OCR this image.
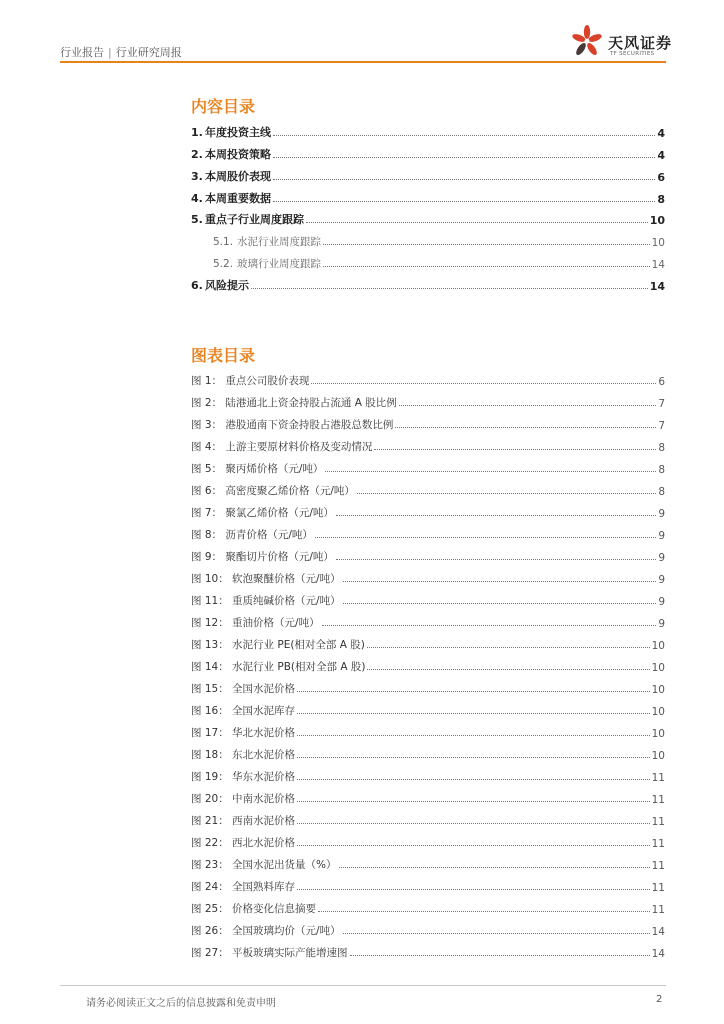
行业报告 | 行业研究周报
天风证券
TF SECURITIES
内容目录
1. 年度投资主线	4
2. 本周投资策略	4
3. 本周股价表现	6
4. 本周重要数据	8
5. 重点子行业周度跟踪	10
5.1. 水泥行业周度跟踪	10
5.2. 玻璃行业周度跟踪	14
6. 风险提示	14
图表目录
图 1： 重点公司股价表现	6
图 2： 陆港通北上资金持股占流通 A 股比例	7
图 3： 港股通南下资金持股占港股总数比例	7
图 4： 上游主要原材料价格及变动情况	8
图 5： 聚丙烯价格（元/吨）	8
图 6： 高密度聚乙烯价格（元/吨）	8
图 7： 聚氯乙烯价格（元/吨）	9
图 8： 沥青价格（元/吨）	9
图 9： 聚酯切片价格（元/吨）	9
图 10： 软泡聚醚价格（元/吨）	9
图 11： 重质纯碱价格（元/吨）	9
图 12： 重油价格（元/吨）	9
图 13： 水泥行业 PE(相对全部 A 股)	10
图 14： 水泥行业 PB(相对全部 A 股)	10
图 15： 全国水泥价格	10
图 16： 全国水泥库存	10
图 17： 华北水泥价格	10
图 18： 东北水泥价格	10
图 19： 华东水泥价格	11
图 20： 中南水泥价格	11
图 21： 西南水泥价格	11
图 22： 西北水泥价格	11
图 23： 全国水泥出货量（%）	11
图 24： 全国熟料库存	11
图 25： 价格变化信息摘要	11
图 26： 全国玻璃均价（元/吨）	14
图 27： 平板玻璃实际产能增速图	14
请务必阅读正文之后的信息披露和免责申明	2
